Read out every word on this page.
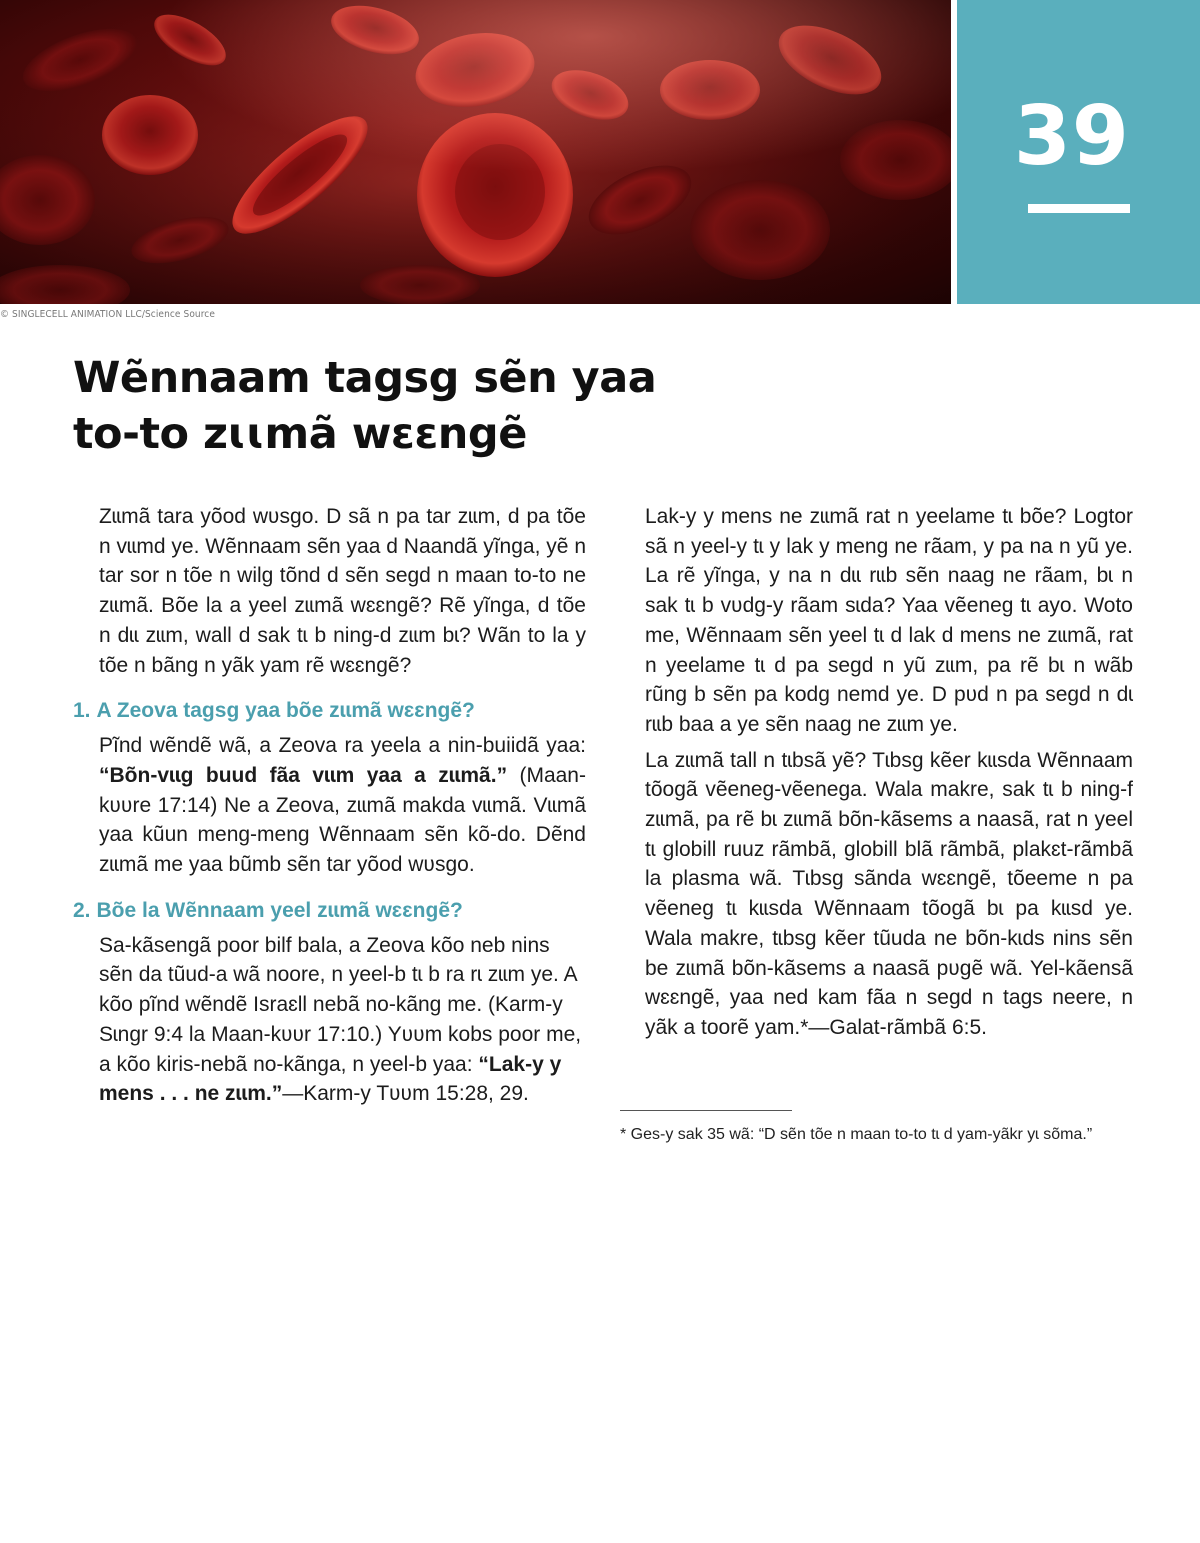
39
© SINGLECELL ANIMATION LLC/Science Source
Wẽnnaam tagsg sẽn yaa
to-to zɩɩmã wɛɛngẽ

Zɩɩmã tara yõod wʋsgo. D sã n pa tar zɩɩm, d pa tõe n vɩɩmd ye. Wẽnnaam sẽn yaa d Naandã yĩnga, yẽ n tar sor n tõe n wilg tõnd d sẽn segd n maan to-to ne zɩɩmã. Bõe la a yeel zɩɩmã wɛɛngẽ? Rẽ yĩnga, d tõe n dɩɩ zɩɩm, wall d sak tɩ b ning-d zɩɩm bɩ? Wãn to la y tõe n bãng n yãk yam rẽ wɛɛngẽ?

1. A Zeova tagsg yaa bõe zɩɩmã wɛɛngẽ?

Pĩnd wẽndẽ wã, a Zeova ra yeela a nin-buiidã yaa: “Bõn-vɩɩg buud fãa vɩɩm yaa a zɩɩmã.” (Maan-kʋʋre 17:14) Ne a Zeova, zɩɩmã makda vɩɩmã. Vɩɩmã yaa kũun meng-meng Wẽnnaam sẽn kõ-do. Dẽnd zɩɩmã me yaa bũmb sẽn tar yõod wʋsgo.

2. Bõe la Wẽnnaam yeel zɩɩmã wɛɛngẽ?

Sa-kãsengã poor bilf bala, a Zeova kõo neb nins sẽn da tũud-a wã noore, n yeel-b tɩ b ra rɩ zɩɩm ye. A kõo pĩnd wẽndẽ Israɛll nebã no-kãng me. (Karm-y Sɩngr 9:4 la Maan-kʋʋr 17:10.) Yʋʋm kobs poor me, a kõo kiris-nebã no-kãnga, n yeel-b yaa: “Lak-y y mens . . . ne zɩɩm.”—Karm-y Tʋʋm 15:28, 29.

Lak-y y mens ne zɩɩmã rat n yeelame tɩ bõe? Logtor sã n yeel-y tɩ y lak y meng ne rãam, y pa na n yũ ye. La rẽ yĩnga, y na n dɩɩ rɩɩb sẽn naag ne rãam, bɩ n sak tɩ b vʋdg-y rãam sɩda? Yaa vẽeneg tɩ ayo. Woto me, Wẽnnaam sẽn yeel tɩ d lak d mens ne zɩɩmã, rat n yeelame tɩ d pa segd n yũ zɩɩm, pa rẽ bɩ n wãb rũng b sẽn pa kodg nemd ye. D pʋd n pa segd n dɩ rɩɩb baa a ye sẽn naag ne zɩɩm ye.

La zɩɩmã tall n tɩbsã yẽ? Tɩbsg kẽer kɩɩsda Wẽnnaam tõogã vẽeneg-vẽenega. Wala makre, sak tɩ b ning-f zɩɩmã, pa rẽ bɩ zɩɩmã bõn-kãsems a naasã, rat n yeel tɩ globill ruuz rãmbã, globill blã rãmbã, plakɛt-rãmbã la plasma wã. Tɩbsg sãnda wɛɛngẽ, tõeeme n pa vẽeneg tɩ kɩɩsda Wẽnnaam tõogã bɩ pa kɩɩsd ye. Wala makre, tɩbsg kẽer tũuda ne bõn-kɩds nins sẽn be zɩɩmã bõn-kãsems a naasã pʋgẽ wã. Yel-kãensã wɛɛngẽ, yaa ned kam fãa n segd n tags neere, n yãk a toorẽ yam.*—Galat-rãmbã 6:5.

* Ges-y sak 35 wã: “D sẽn tõe n maan to-to tɩ d yam-yãkr yɩ sõma.”
